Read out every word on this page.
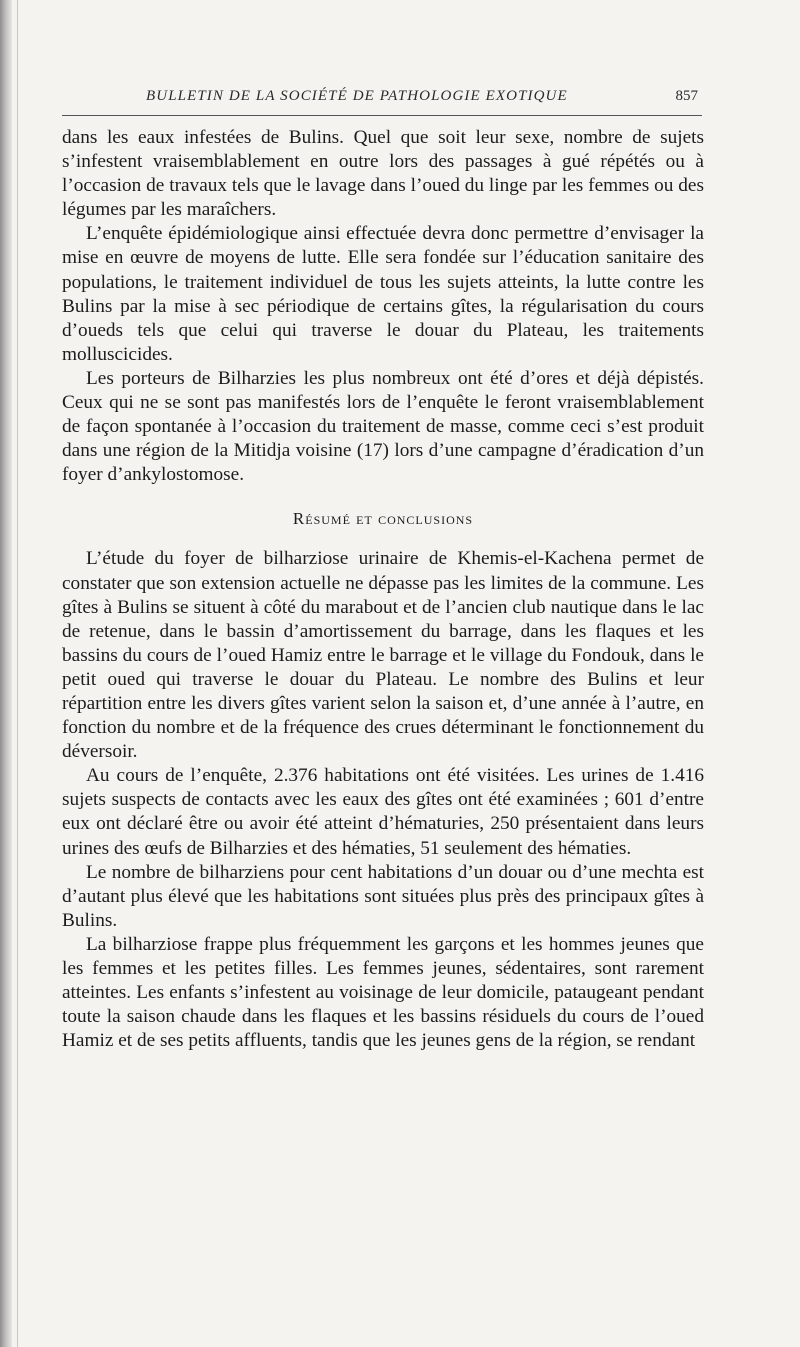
BULLETIN DE LA SOCIÉTÉ DE PATHOLOGIE EXOTIQUE	857

dans les eaux infestées de Bulins. Quel que soit leur sexe, nombre de sujets s’infestent vraisemblablement en outre lors des passages à gué répétés ou à l’occasion de travaux tels que le lavage dans l’oued du linge par les femmes ou des légumes par les maraîchers.

L’enquête épidémiologique ainsi effectuée devra donc permettre d’envisager la mise en œuvre de moyens de lutte. Elle sera fondée sur l’éducation sanitaire des populations, le traitement individuel de tous les sujets atteints, la lutte contre les Bulins par la mise à sec périodique de certains gîtes, la régularisation du cours d’oueds tels que celui qui traverse le douar du Plateau, les traitements molluscicides.

Les porteurs de Bilharzies les plus nombreux ont été d’ores et déjà dépistés. Ceux qui ne se sont pas manifestés lors de l’enquête le feront vraisemblablement de façon spontanée à l’occasion du traitement de masse, comme ceci s’est produit dans une région de la Mitidja voisine (17) lors d’une campagne d’éradication d’un foyer d’ankylostomose.

Résumé et conclusions

L’étude du foyer de bilharziose urinaire de Khemis-el-Kachena permet de constater que son extension actuelle ne dépasse pas les limites de la commune. Les gîtes à Bulins se situent à côté du marabout et de l’ancien club nautique dans le lac de retenue, dans le bassin d’amortissement du barrage, dans les flaques et les bassins du cours de l’oued Hamiz entre le barrage et le village du Fondouk, dans le petit oued qui traverse le douar du Plateau. Le nombre des Bulins et leur répartition entre les divers gîtes varient selon la saison et, d’une année à l’autre, en fonction du nombre et de la fréquence des crues déterminant le fonctionnement du déversoir.

Au cours de l’enquête, 2.376 habitations ont été visitées. Les urines de 1.416 sujets suspects de contacts avec les eaux des gîtes ont été examinées ; 601 d’entre eux ont déclaré être ou avoir été atteint d’hématuries, 250 présentaient dans leurs urines des œufs de Bilharzies et des hématies, 51 seulement des hématies.

Le nombre de bilharziens pour cent habitations d’un douar ou d’une mechta est d’autant plus élevé que les habitations sont situées plus près des principaux gîtes à Bulins.

La bilharziose frappe plus fréquemment les garçons et les hommes jeunes que les femmes et les petites filles. Les femmes jeunes, sédentaires, sont rarement atteintes. Les enfants s’infestent au voisinage de leur domicile, pataugeant pendant toute la saison chaude dans les flaques et les bassins résiduels du cours de l’oued Hamiz et de ses petits affluents, tandis que les jeunes gens de la région, se rendant
